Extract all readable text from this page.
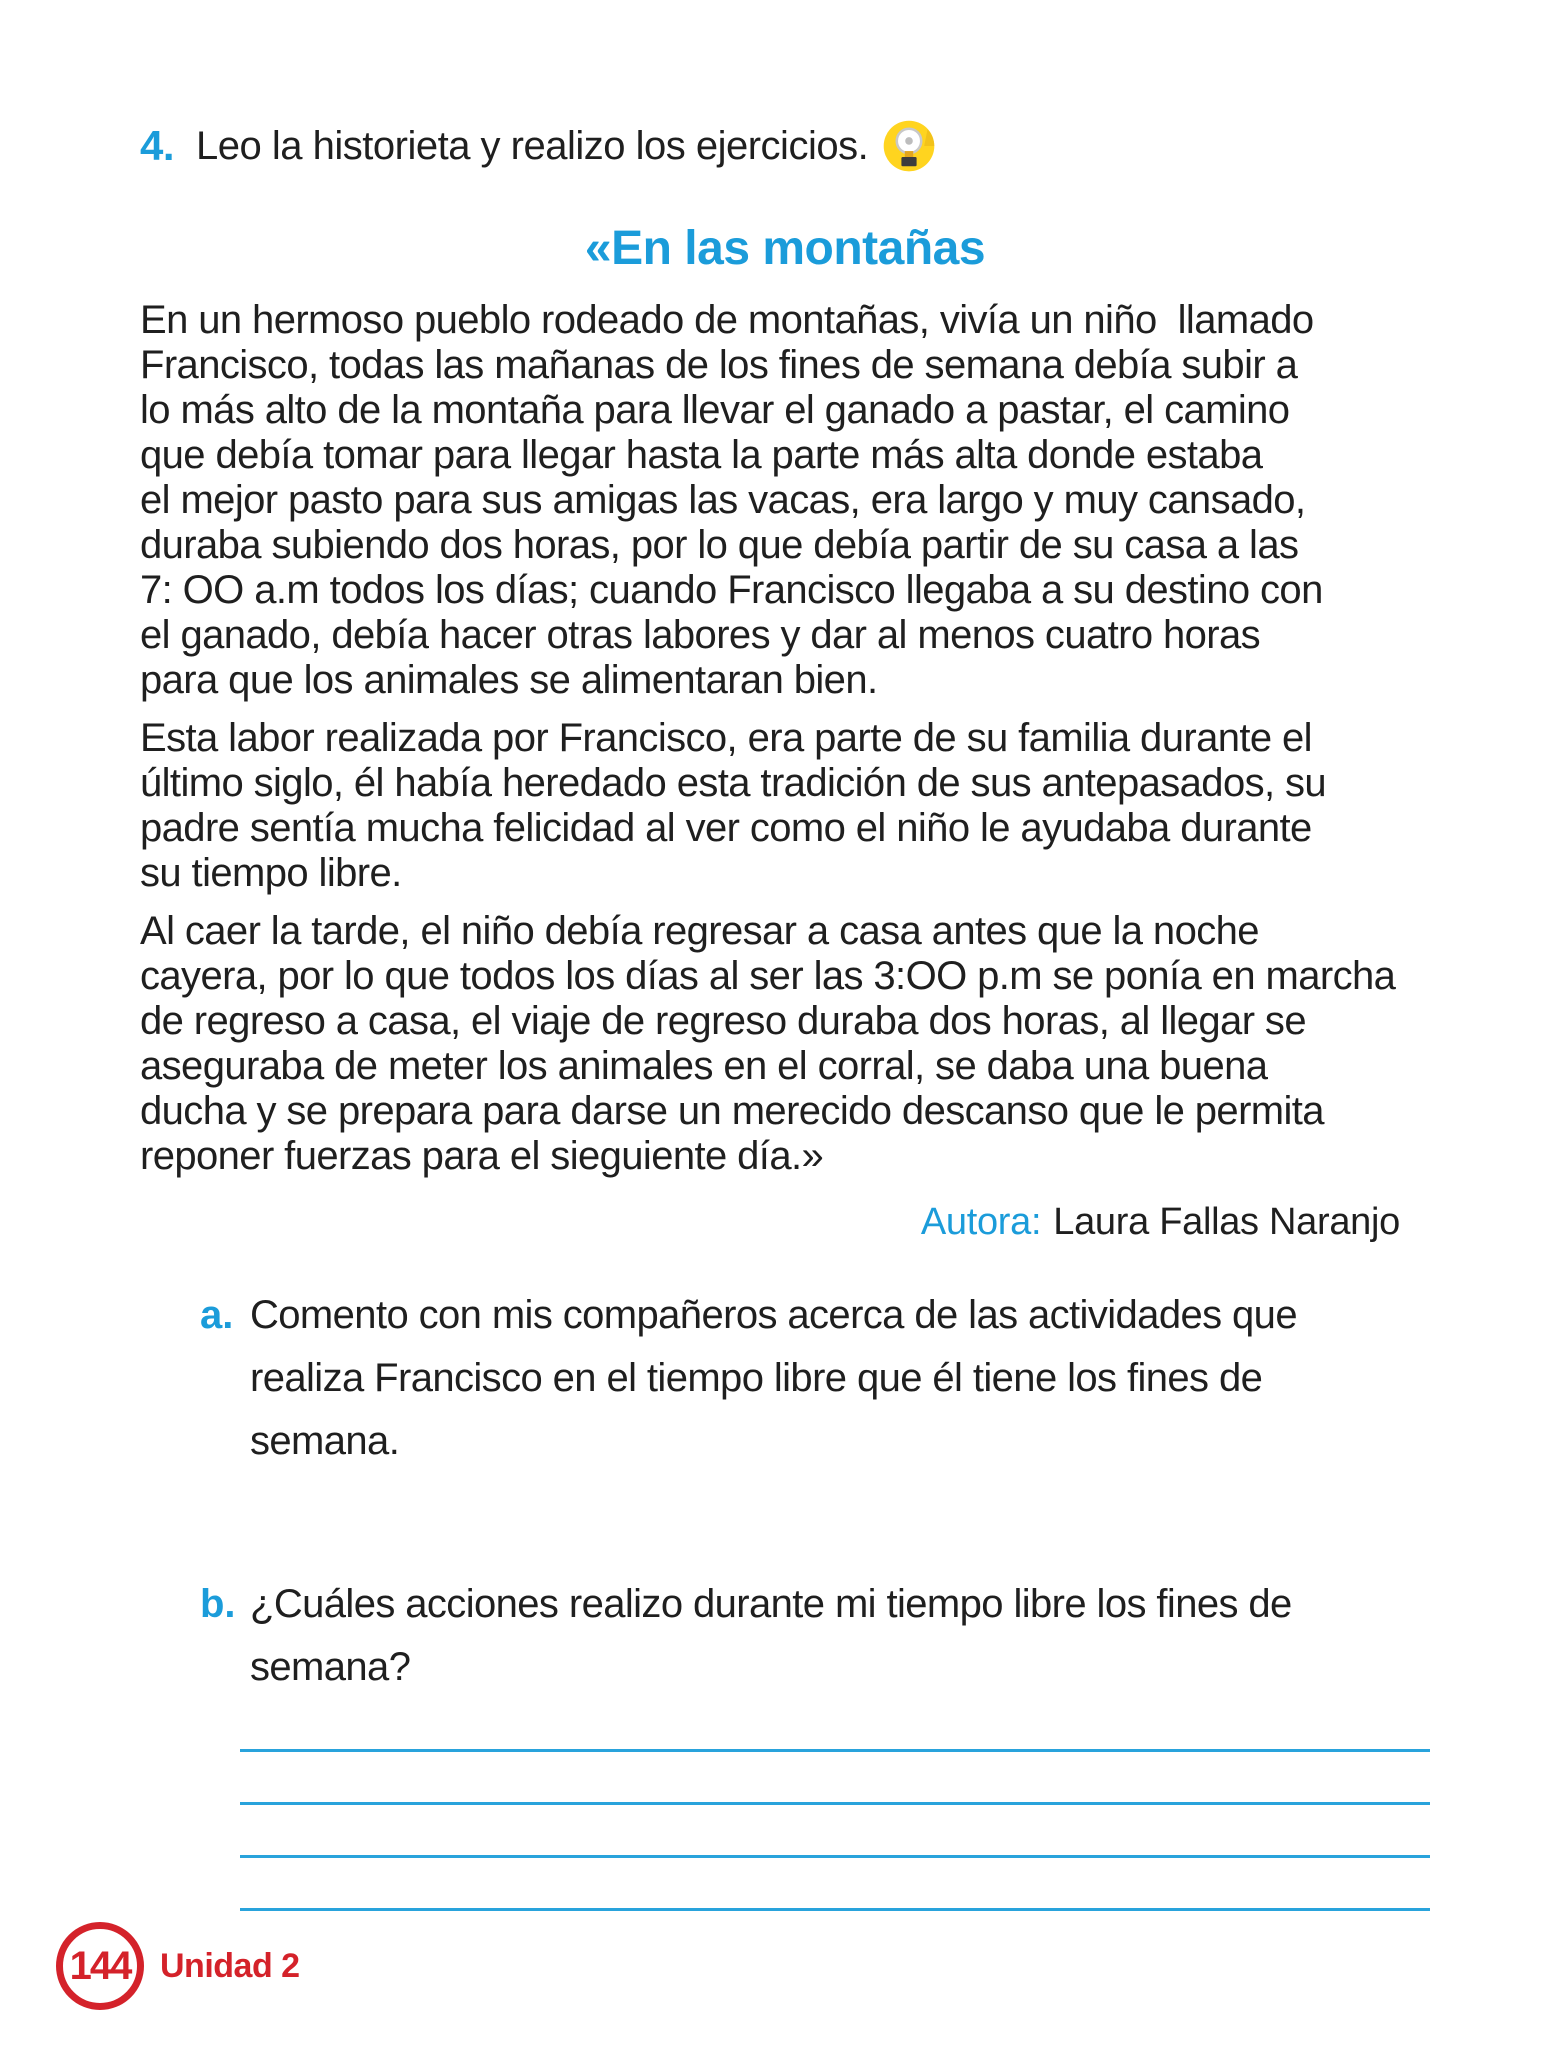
4. Leo la historieta y realizo los ejercicios.
«En las montañas
En un hermoso pueblo rodeado de montañas, vivía un niño  llamado
Francisco, todas las mañanas de los fines de semana debía subir a
lo más alto de la montaña para llevar el ganado a pastar, el camino
que debía tomar para llegar hasta la parte más alta donde estaba
el mejor pasto para sus amigas las vacas, era largo y muy cansado,
duraba subiendo dos horas, por lo que debía partir de su casa a las
7: OO a.m todos los días; cuando Francisco llegaba a su destino con
el ganado, debía hacer otras labores y dar al menos cuatro horas
para que los animales se alimentaran bien.
Esta labor realizada por Francisco, era parte de su familia durante el
último siglo, él había heredado esta tradición de sus antepasados, su
padre sentía mucha felicidad al ver como el niño le ayudaba durante
su tiempo libre.
Al caer la tarde, el niño debía regresar a casa antes que la noche
cayera, por lo que todos los días al ser las 3:OO p.m se ponía en marcha
de regreso a casa, el viaje de regreso duraba dos horas, al llegar se
aseguraba de meter los animales en el corral, se daba una buena
ducha y se prepara para darse un merecido descanso que le permita
reponer fuerzas para el sieguiente día.»
Autora: Laura Fallas Naranjo
a. Comento con mis compañeros acerca de las actividades que
realiza Francisco en el tiempo libre que él tiene los fines de
semana.
b. ¿Cuáles acciones realizo durante mi tiempo libre los fines de
semana?
144 Unidad 2
